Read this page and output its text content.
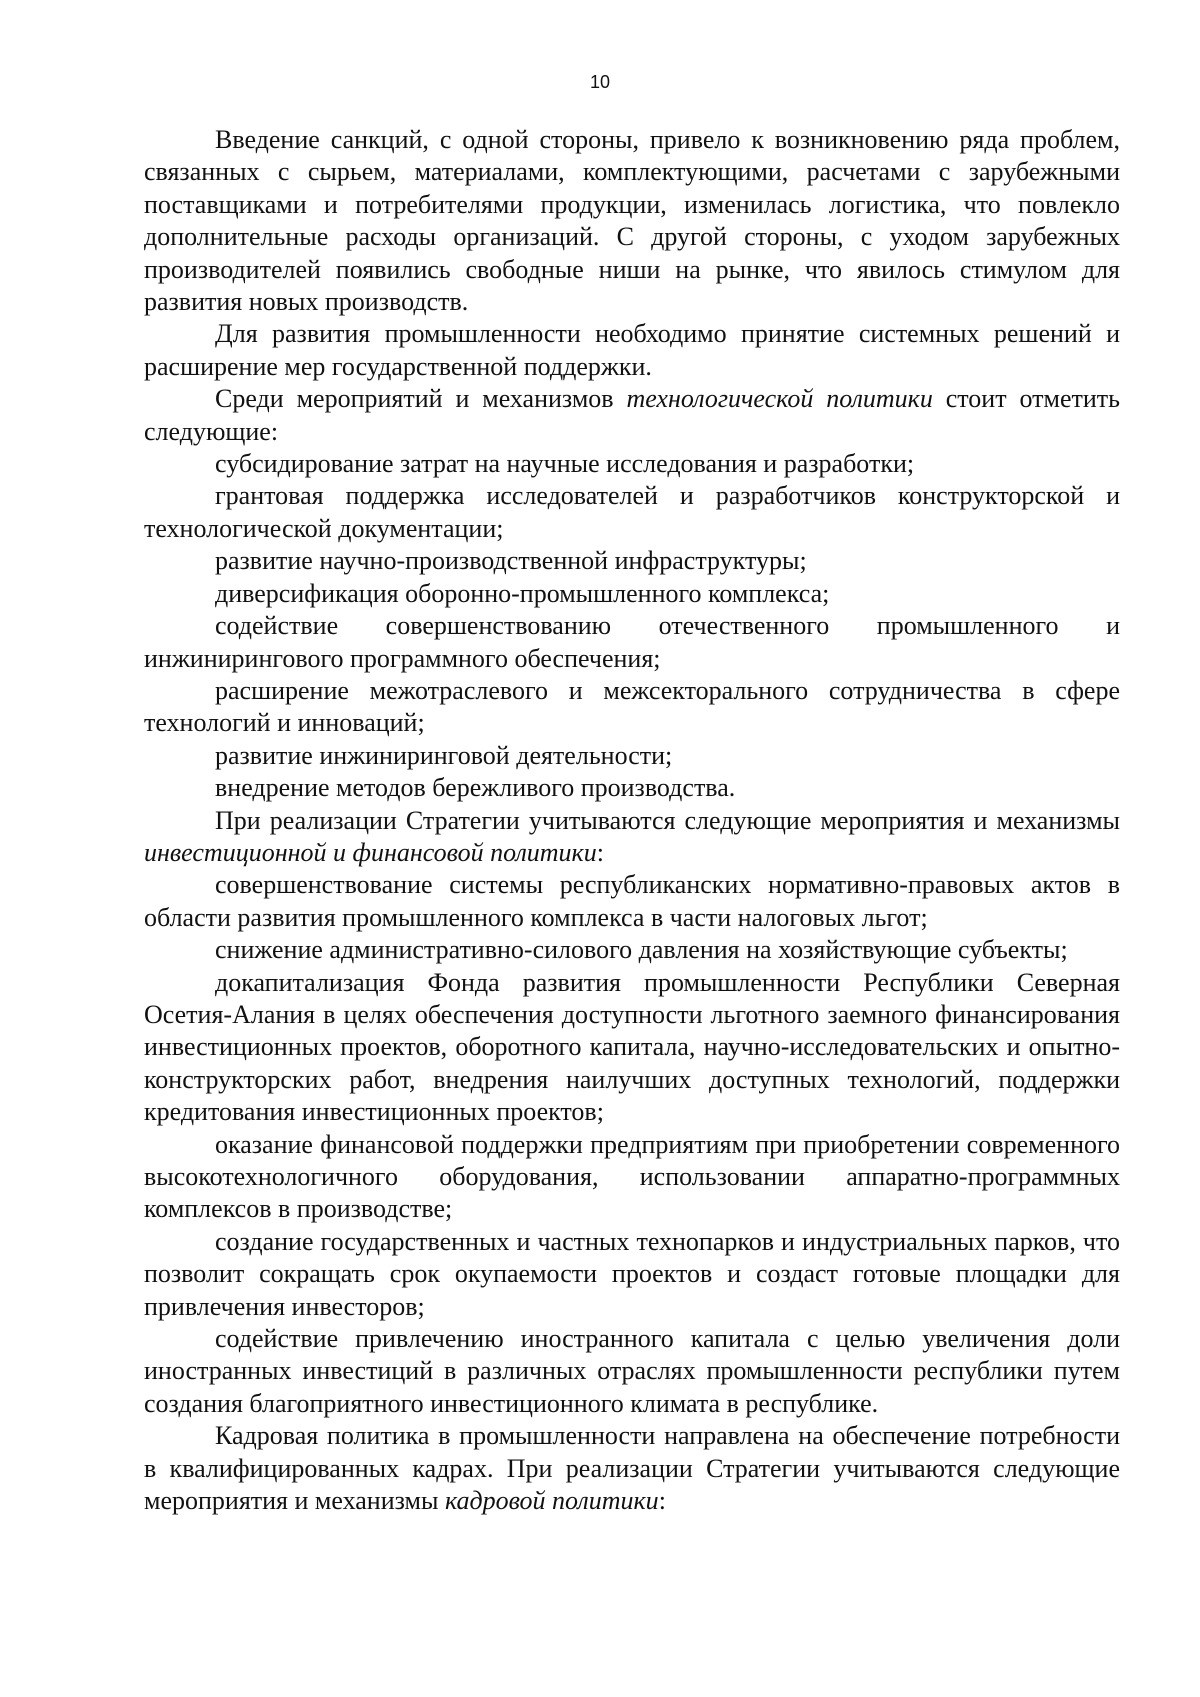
10

Введение санкций, с одной стороны, привело к возникновению ряда проблем, связанных с сырьем, материалами, комплектующими, расчетами с зарубежными поставщиками и потребителями продукции, изменилась логистика, что повлекло дополнительные расходы организаций. С другой стороны, с уходом зарубежных производителей появились свободные ниши на рынке, что явилось стимулом для развития новых производств.

Для развития промышленности необходимо принятие системных решений и расширение мер государственной поддержки.

Среди мероприятий и механизмов технологической политики стоит отметить следующие:

субсидирование затрат на научные исследования и разработки;

грантовая поддержка исследователей и разработчиков конструкторской и технологической документации;

развитие научно-производственной инфраструктуры;

диверсификация оборонно-промышленного комплекса;

содействие совершенствованию отечественного промышленного и инжинирингового программного обеспечения;

расширение межотраслевого и межсекторального сотрудничества в сфере технологий и инноваций;

развитие инжиниринговой деятельности;

внедрение методов бережливого производства.

При реализации Стратегии учитываются следующие мероприятия и механизмы инвестиционной и финансовой политики:

совершенствование системы республиканских нормативно-правовых актов в области развития промышленного комплекса в части налоговых льгот;

снижение административно-силового давления на хозяйствующие субъекты;

докапитализация Фонда развития промышленности Республики Северная Осетия-Алания в целях обеспечения доступности льготного заемного финансирования инвестиционных проектов, оборотного капитала, научно-исследовательских и опытно-конструкторских работ, внедрения наилучших доступных технологий, поддержки кредитования инвестиционных проектов;

оказание финансовой поддержки предприятиям при приобретении современного высокотехнологичного оборудования, использовании аппаратно-программных комплексов в производстве;

создание государственных и частных технопарков и индустриальных парков, что позволит сокращать срок окупаемости проектов и создаст готовые площадки для привлечения инвесторов;

содействие привлечению иностранного капитала с целью увеличения доли иностранных инвестиций в различных отраслях промышленности республики путем создания благоприятного инвестиционного климата в республике.

Кадровая политика в промышленности направлена на обеспечение потребности в квалифицированных кадрах. При реализации Стратегии учитываются следующие мероприятия и механизмы кадровой политики:
